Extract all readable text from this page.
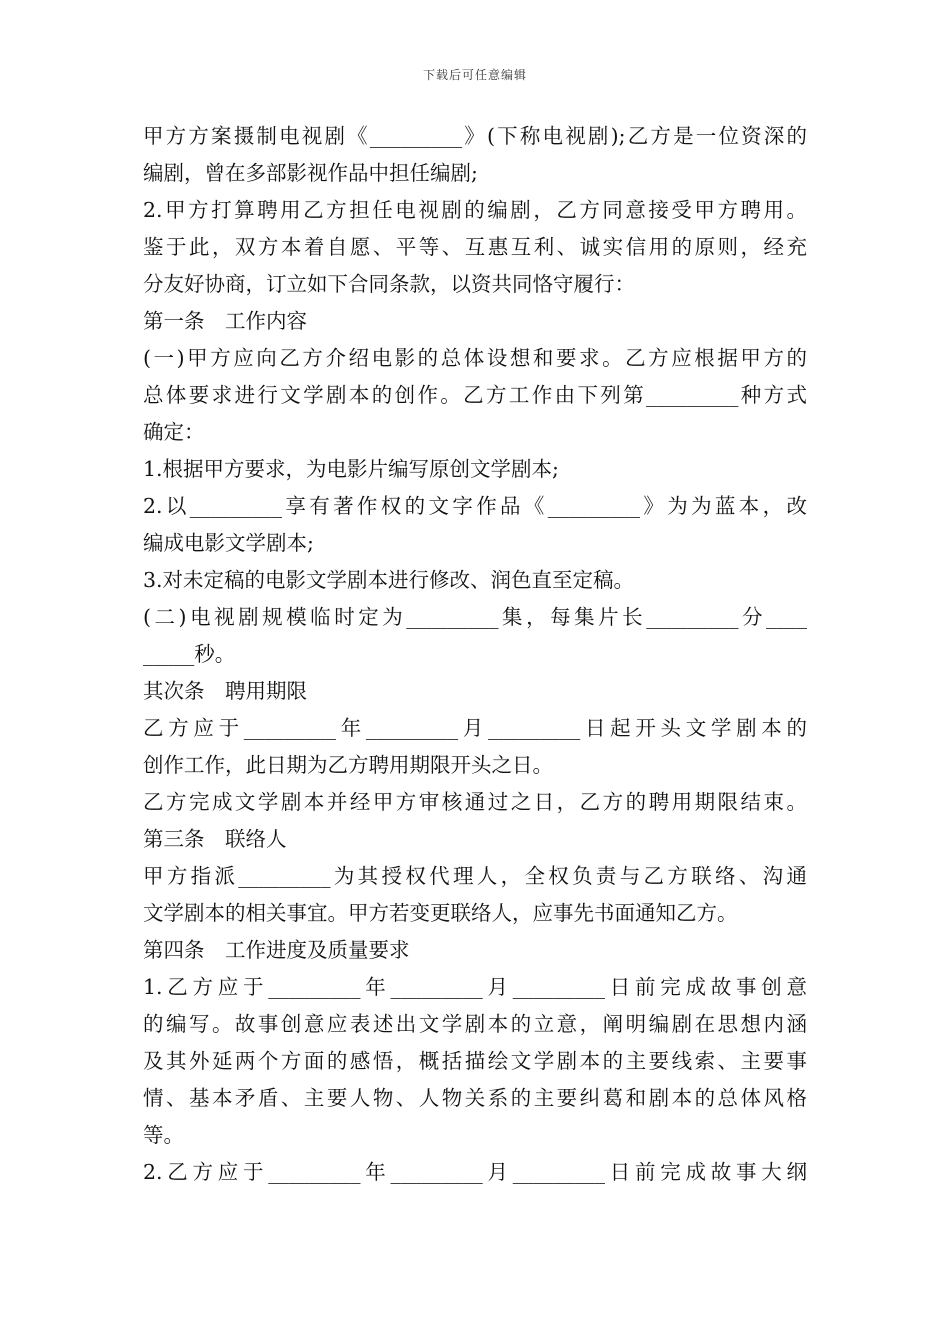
下载后可任意编辑
甲方方案摄制电视剧《_________》(下称电视剧);乙方是一位资深的
编剧，曾在多部影视作品中担任编剧;
2.甲方打算聘用乙方担任电视剧的编剧，乙方同意接受甲方聘用。
鉴于此，双方本着自愿、平等、互惠互利、诚实信用的原则，经充
分友好协商，订立如下合同条款，以资共同恪守履行：
第一条　工作内容
(一)甲方应向乙方介绍电影的总体设想和要求。乙方应根据甲方的
总体要求进行文学剧本的创作。乙方工作由下列第_________种方式
确定：
1.根据甲方要求，为电影片编写原创文学剧本;
2.以_________享有著作权的文字作品《_________》为为蓝本，改
编成电影文学剧本;
3.对未定稿的电影文学剧本进行修改、润色直至定稿。
(二)电视剧规模临时定为_________集，每集片长_________分____
_____秒。
其次条　聘用期限
乙方应于_________年_________月_________日起开头文学剧本的
创作工作，此日期为乙方聘用期限开头之日。
乙方完成文学剧本并经甲方审核通过之日，乙方的聘用期限结束。
第三条　联络人
甲方指派_________为其授权代理人，全权负责与乙方联络、沟通
文学剧本的相关事宜。甲方若变更联络人，应事先书面通知乙方。
第四条　工作进度及质量要求
1.乙方应于_________年_________月_________日前完成故事创意
的编写。故事创意应表述出文学剧本的立意，阐明编剧在思想内涵
及其外延两个方面的感悟，概括描绘文学剧本的主要线索、主要事
情、基本矛盾、主要人物、人物关系的主要纠葛和剧本的总体风格
等。
2.乙方应于_________年_________月_________日前完成故事大纲
